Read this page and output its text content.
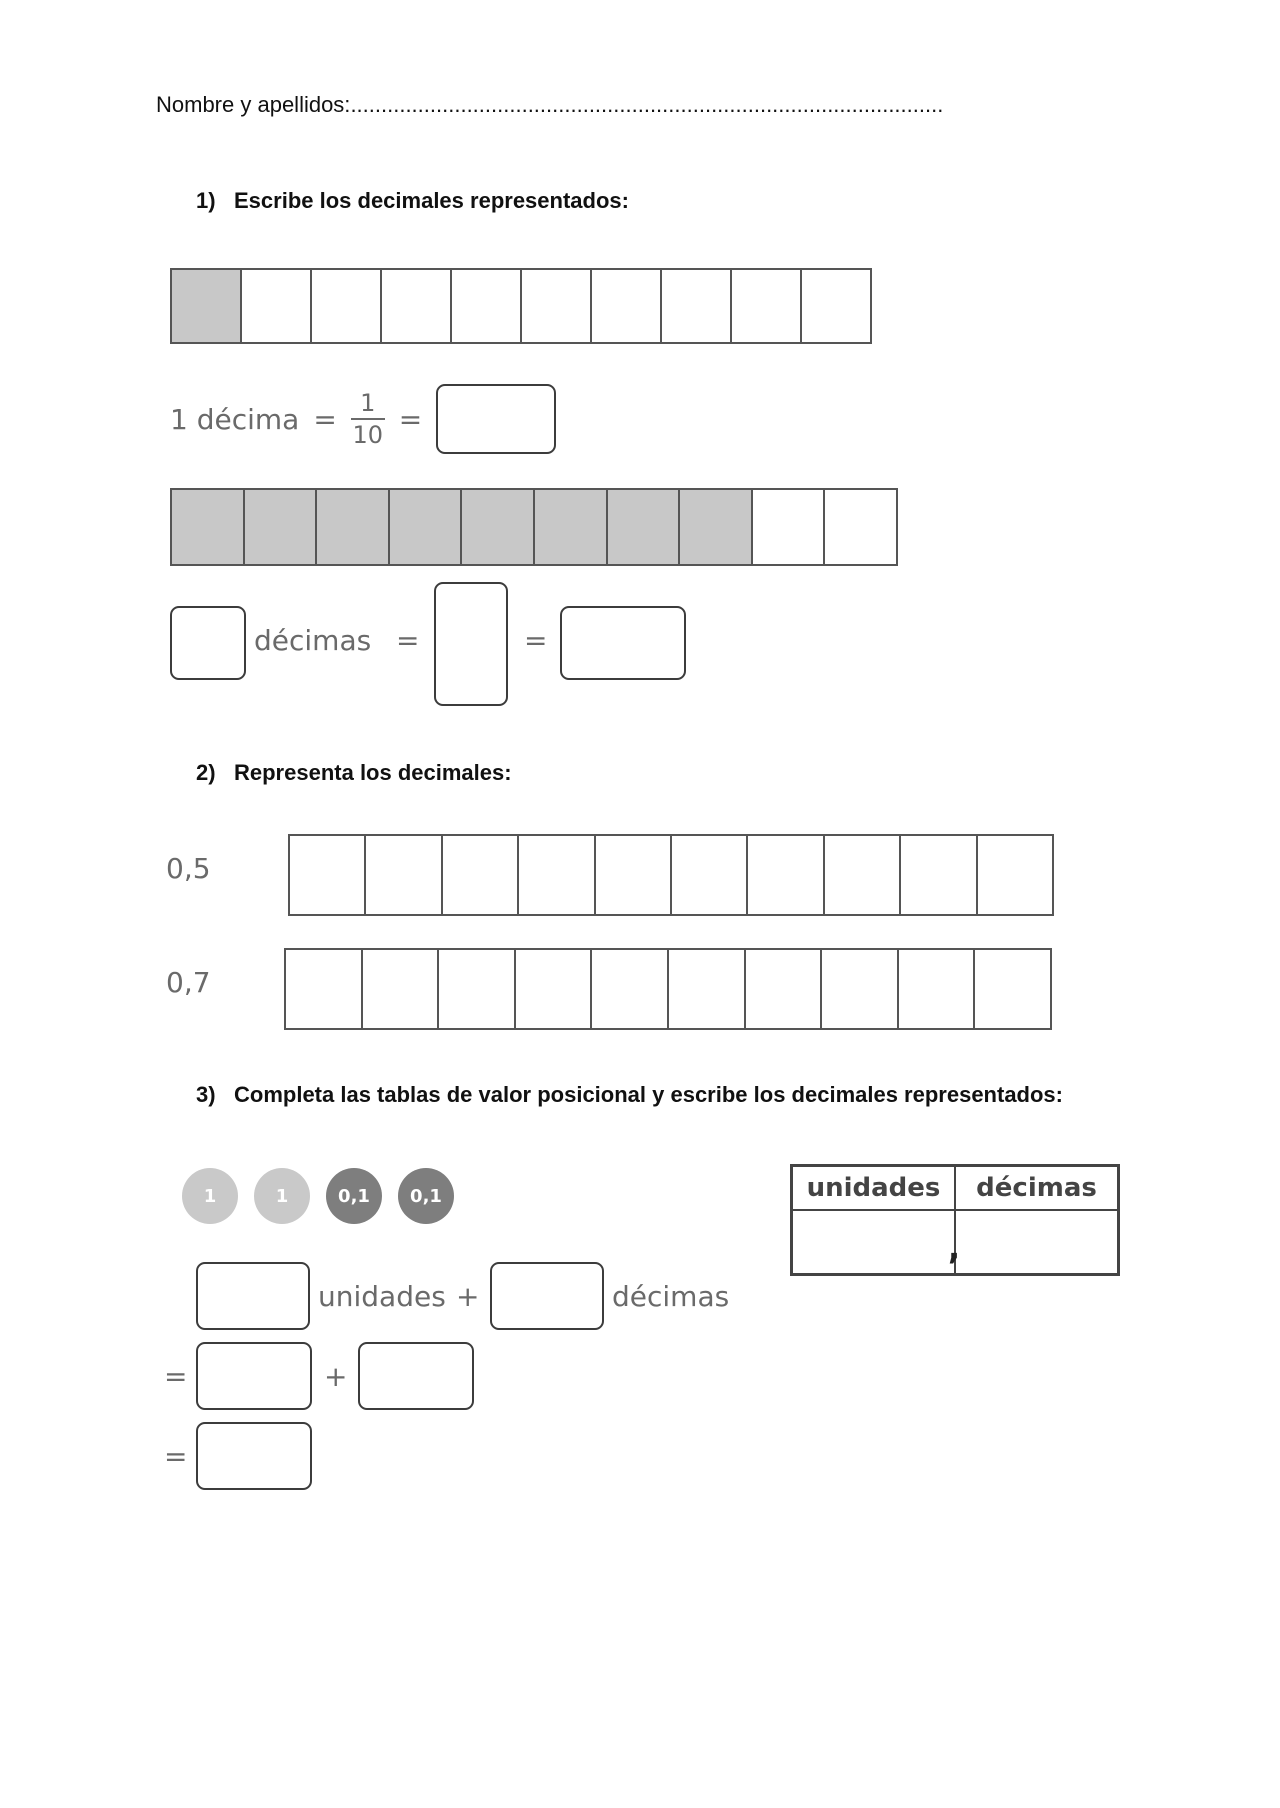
Nombre y apellidos:.................................................................................................
1) Escribe los decimales representados:
1 décima = $\frac{1}{10}$ =
décimas =	=
2) Representa los decimales:
0,5
0,7
3) Completa las tablas de valor posicional y escribe los decimales representados:
1	1	0,1	0,1
unidades +	décimas
=	+
=
unidades	décimas

	,
